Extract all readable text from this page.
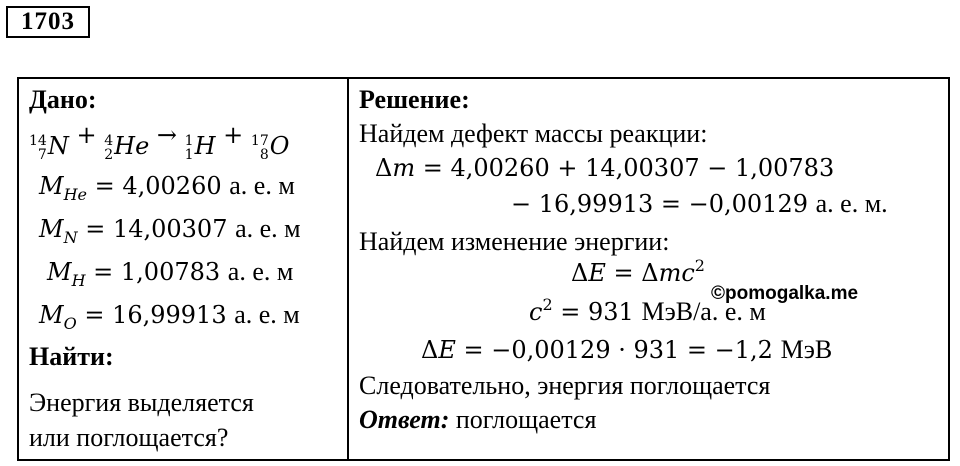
1703
Дано:
14
7 N + 4
2 He → 1
1 H + 17
8 O
$M_{He} = 4,00260$ а. е. м
$M_N = 14,00307$ а. е. м
$M_H = 1,00783$ а. е. м
$M_O = 16,99913$ а. е. м
Найти:
Энергия выделяется
или поглощается?
Решение:
Найдем дефект массы реакции:
Δm = 4,00260 + 14,00307 − 1,00783
− 16,99913 = −0,00129 а. е. м.
Найдем изменение энергии:
ΔE = Δmc$^2$
©pomogalka.me
$c^2 = 931$ МэВ/а. е. м
ΔE = −0,00129 · 931 = −1,2 МэВ
Следовательно, энергия поглощается
Ответ: поглощается
